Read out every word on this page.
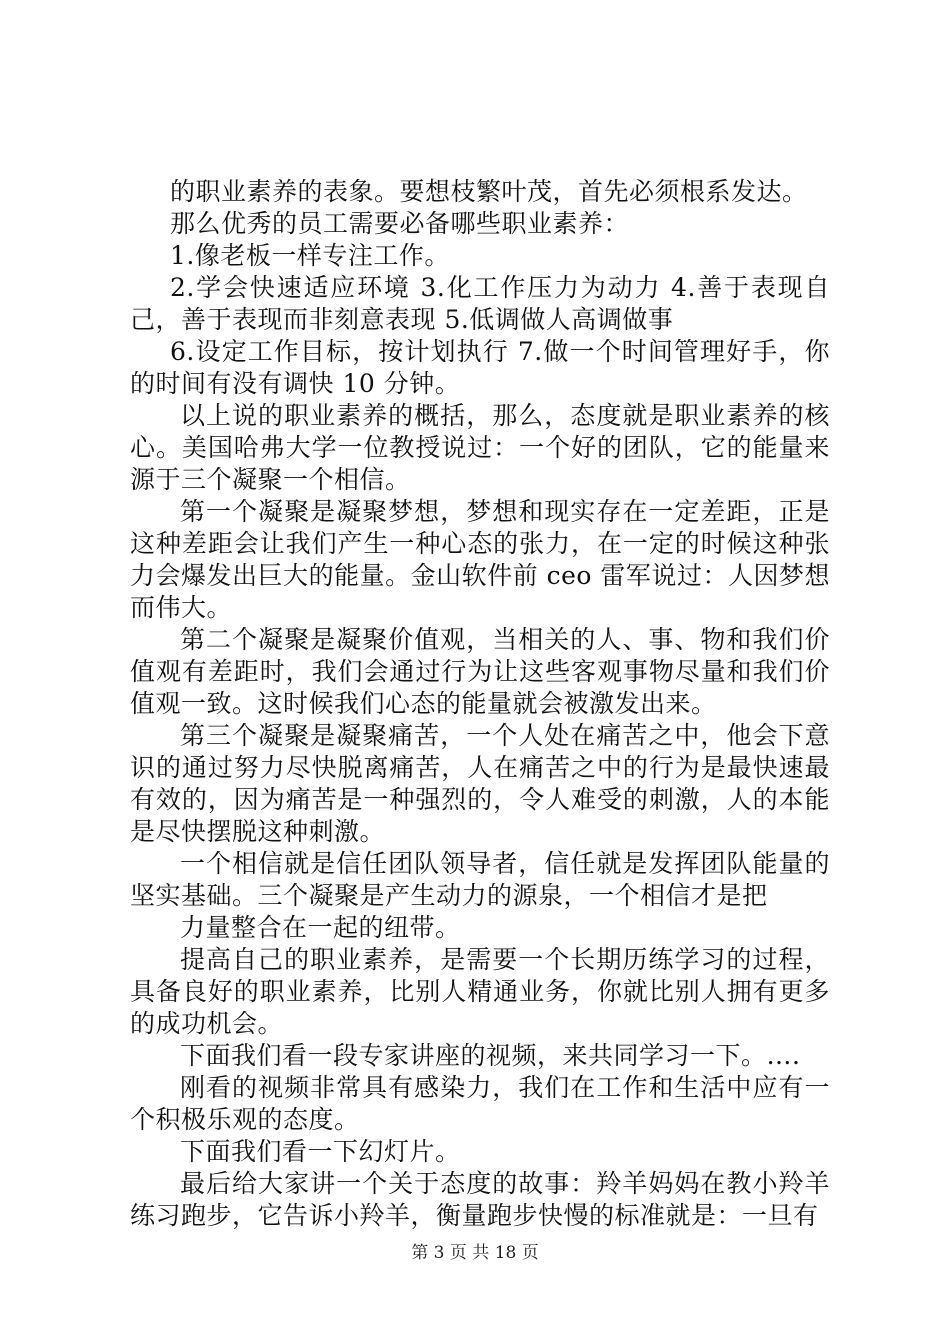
的职业素养的表象。要想枝繁叶茂，首先必须根系发达。

那么优秀的员工需要必备哪些职业素养：

1.像老板一样专注工作。

2.学会快速适应环境 3.化工作压力为动力 4.善于表现自己，善于表现而非刻意表现 5.低调做人高调做事

6.设定工作目标，按计划执行 7.做一个时间管理好手，你的时间有没有调快 10 分钟。

以上说的职业素养的概括，那么，态度就是职业素养的核心。美国哈弗大学一位教授说过：一个好的团队，它的能量来源于三个凝聚一个相信。

第一个凝聚是凝聚梦想，梦想和现实存在一定差距，正是这种差距会让我们产生一种心态的张力，在一定的时候这种张力会爆发出巨大的能量。金山软件前 ceo 雷军说过：人因梦想而伟大。

第二个凝聚是凝聚价值观，当相关的人、事、物和我们价值观有差距时，我们会通过行为让这些客观事物尽量和我们价值观一致。这时候我们心态的能量就会被激发出来。

第三个凝聚是凝聚痛苦，一个人处在痛苦之中，他会下意识的通过努力尽快脱离痛苦，人在痛苦之中的行为是最快速最有效的，因为痛苦是一种强烈的，令人难受的刺激，人的本能是尽快摆脱这种刺激。

一个相信就是信任团队领导者，信任就是发挥团队能量的坚实基础。三个凝聚是产生动力的源泉，一个相信才是把

力量整合在一起的纽带。

提高自己的职业素养，是需要一个长期历练学习的过程，具备良好的职业素养，比别人精通业务，你就比别人拥有更多的成功机会。

下面我们看一段专家讲座的视频，来共同学习一下。….

刚看的视频非常具有感染力，我们在工作和生活中应有一个积极乐观的态度。

下面我们看一下幻灯片。

最后给大家讲一个关于态度的故事：羚羊妈妈在教小羚羊练习跑步，它告诉小羚羊，衡量跑步快慢的标准就是：一旦有

第 3 页 共 18 页
